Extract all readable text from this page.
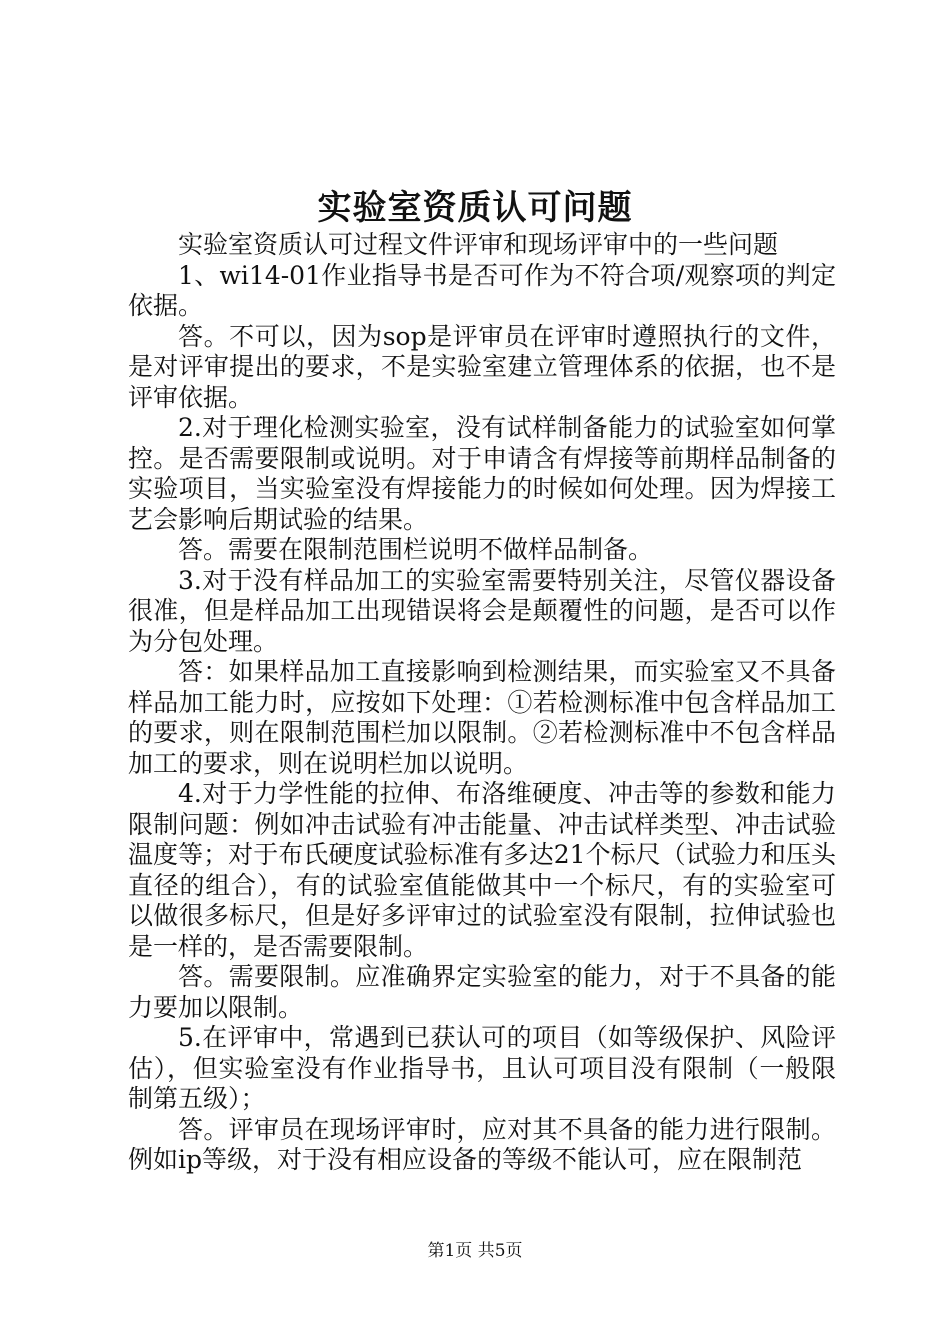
实验室资质认可问题

实验室资质认可过程文件评审和现场评审中的一些问题

1、wi14-01作业指导书是否可作为不符合项/观察项的判定依据。

答。不可以，因为sop是评审员在评审时遵照执行的文件，是对评审提出的要求，不是实验室建立管理体系的依据，也不是评审依据。

2.对于理化检测实验室，没有试样制备能力的试验室如何掌控。是否需要限制或说明。对于申请含有焊接等前期样品制备的实验项目，当实验室没有焊接能力的时候如何处理。因为焊接工艺会影响后期试验的结果。

答。需要在限制范围栏说明不做样品制备。

3.对于没有样品加工的实验室需要特别关注，尽管仪器设备很准，但是样品加工出现错误将会是颠覆性的问题，是否可以作为分包处理。

答：如果样品加工直接影响到检测结果，而实验室又不具备样品加工能力时，应按如下处理：①若检测标准中包含样品加工的要求，则在限制范围栏加以限制。②若检测标准中不包含样品加工的要求，则在说明栏加以说明。

4.对于力学性能的拉伸、布洛维硬度、冲击等的参数和能力限制问题：例如冲击试验有冲击能量、冲击试样类型、冲击试验温度等；对于布氏硬度试验标准有多达21个标尺（试验力和压头直径的组合），有的试验室值能做其中一个标尺，有的实验室可以做很多标尺，但是好多评审过的试验室没有限制，拉伸试验也是一样的，是否需要限制。

答。需要限制。应准确界定实验室的能力，对于不具备的能力要加以限制。

5.在评审中，常遇到已获认可的项目（如等级保护、风险评估），但实验室没有作业指导书，且认可项目没有限制（一般限制第五级）；

答。评审员在现场评审时，应对其不具备的能力进行限制。例如ip等级，对于没有相应设备的等级不能认可，应在限制范

第1页 共5页
